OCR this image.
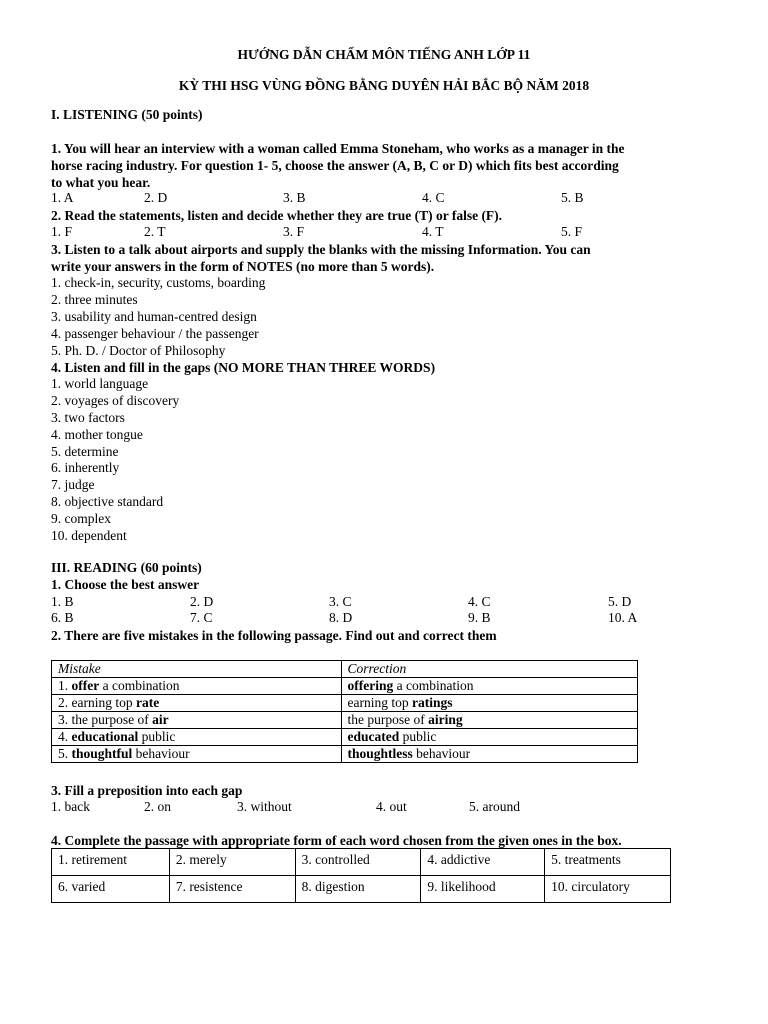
HƯỚNG DẪN CHẤM MÔN TIẾNG ANH LỚP 11
KỲ THI HSG VÙNG ĐỒNG BẰNG DUYÊN HẢI BẮC BỘ NĂM 2018
I. LISTENING (50 points)
1. You will hear an interview with a woman called Emma Stoneham, who works as a manager in the
horse racing industry. For question 1- 5, choose the answer (A, B, C or D) which fits best according
to what you hear.
1. A	2. D	3. B	4. C	5. B
2. Read the statements, listen and decide whether they are true (T) or false (F).
1. F	2. T	3. F	4. T	5. F
3. Listen to a talk about airports and supply the blanks with the missing Information. You can
write your answers in the form of NOTES (no more than 5 words).
1. check-in, security, customs, boarding
2. three minutes
3. usability and human-centred design
4. passenger behaviour / the passenger
5. Ph. D. / Doctor of Philosophy
4. Listen and fill in the gaps (NO MORE THAN THREE WORDS)
1. world language
2. voyages of discovery
3. two factors
4. mother tongue
5. determine
6. inherently
7. judge
8. objective standard
9. complex
10. dependent
III. READING (60 points)
1. Choose the best answer
1. B	2. D	3. C	4. C	5. D
6. B	7. C	8. D	9. B	10. A
2. There are five mistakes in the following passage. Find out and correct them
Mistake	Correction
1. offer a combination	offering a combination
2. earning top rate	earning top ratings
3. the purpose of air	the purpose of airing
4. educational public	educated public
5. thoughtful behaviour	thoughtless behaviour
3. Fill a preposition into each gap
1. back	2. on	3. without	4. out	5. around
4. Complete the passage with appropriate form of each word chosen from the given ones in the box.
1. retirement	2. merely	3. controlled	4. addictive	5. treatments
6. varied	7. resistence	8. digestion	9. likelihood	10. circulatory
